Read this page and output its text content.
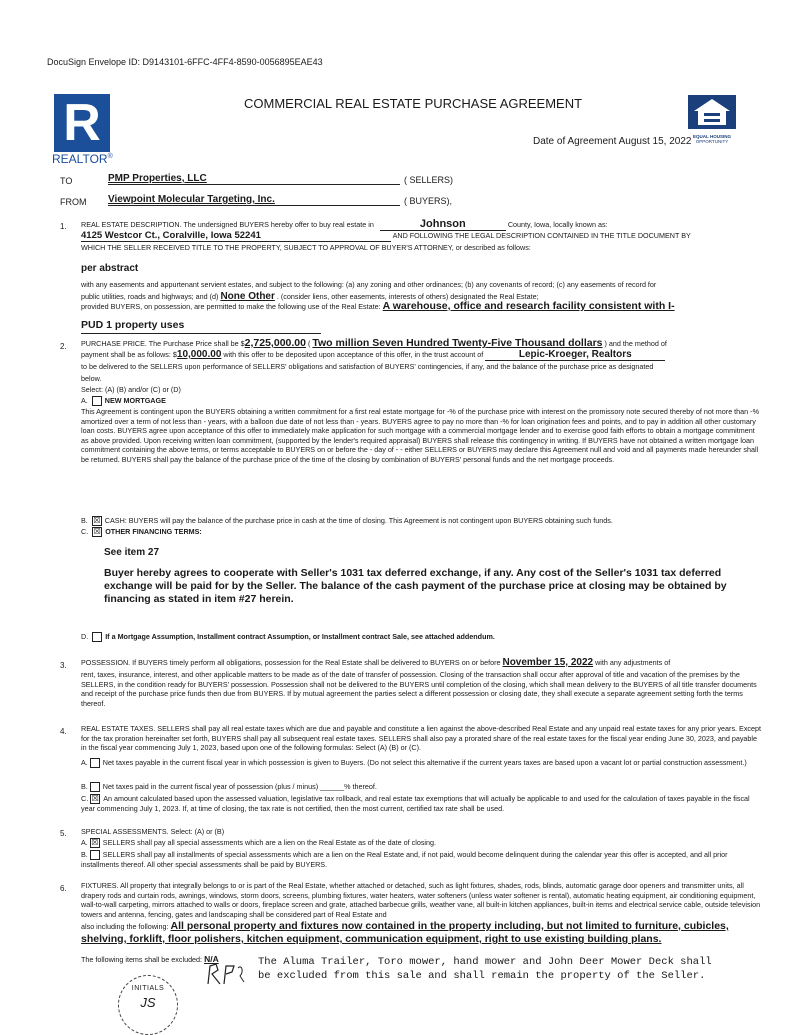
DocuSign Envelope ID: D9143101-6FFC-4FF4-8590-0056895EAE43
R
REALTOR®
COMMERCIAL REAL ESTATE PURCHASE AGREEMENT
EQUAL HOUSING
OPPORTUNITY
Date of Agreement August 15, 2022
TO	PMP Properties, LLC	( SELLERS)
FROM Viewpoint Molecular Targeting, Inc.	( BUYERS),
1. REAL ESTATE DESCRIPTION. The undersigned BUYERS hereby offer to buy real estate in	Johnson	County, Iowa, locally known as:
4125 Westcor Ct., Coralville, Iowa 52241	AND FOLLOWING THE LEGAL DESCRIPTION CONTAINED IN THE TITLE DOCUMENT BY
WHICH THE SELLER RECEIVED TITLE TO THE PROPERTY, SUBJECT TO APPROVAL OF BUYER'S ATTORNEY, or described as follows:
per abstract
with any easements and appurtenant servient estates, and subject to the following: (a) any zoning and other ordinances; (b) any covenants of record; (c) any easements of record for
public utilities, roads and highways; and (d) None Other . (consider liens, other easements, interests of others) designated the Real Estate;
provided BUYERS, on possession, are permitted to make the following use of the Real Estate: A warehouse, office and research facility consistent with I-
PUD 1 property uses
2. PURCHASE PRICE. The Purchase Price shall be $2,725,000.00 ( Two million Seven Hundred Twenty-Five Thousand dollars ) and the method of
payment shall be as follows: $10,000.00 with this offer to be deposited upon acceptance of this offer, in the trust account of	Lepic-Kroeger, Realtors
to be delivered to the SELLERS upon performance of SELLERS' obligations and satisfaction of BUYERS' contingencies, if any, and the balance of the purchase price as designated
below.
Select: (A) (B) and/or (C) or (D)
A. NEW MORTGAGE
This Agreement is contingent upon the BUYERS obtaining a written commitment for a first real estate mortgage for -% of the purchase price with interest on the promissory note secured thereby of not more than -% amortized over a term of not less than - years, with a balloon due date of not less than - years. BUYERS agree to pay no more than -% for loan origination fees and points, and to pay in addition all other customary loan costs. BUYERS agree upon acceptance of this offer to immediately make application for such mortgage with a commercial mortgage lender and to exercise good faith efforts to obtain a mortgage commitment as above provided. Upon receiving written loan commitment, (supported by the lender's required appraisal) BUYERS shall release this contingency in writing. If BUYERS have not obtained a written mortgage loan commitment containing the above terms, or terms acceptable to BUYERS on or before the - day of - - either SELLERS or BUYERS may declare this Agreement null and void and all payments made hereunder shall be returned. BUYERS shall pay the balance of the purchase price of the time of the closing by combination of BUYERS' personal funds and the net mortgage proceeds.
B. ☒ CASH: BUYERS will pay the balance of the purchase price in cash at the time of closing. This Agreement is not contingent upon BUYERS obtaining such funds.
C. ☒ OTHER FINANCING TERMS:
See item 27
Buyer hereby agrees to cooperate with Seller's 1031 tax deferred exchange, if any. Any cost of the Seller's 1031 tax deferred exchange will be paid for by the Seller. The balance of the cash payment of the purchase price at closing may be obtained by financing as stated in item #27 herein.
D. If a Mortgage Assumption, Installment contract Assumption, or Installment contract Sale, see attached addendum.
3. POSSESSION. If BUYERS timely perform all obligations, possession for the Real Estate shall be delivered to BUYERS on or before November 15, 2022 with any adjustments of
rent, taxes, insurance, interest, and other applicable matters to be made as of the date of transfer of possession. Closing of the transaction shall occur after approval of title and vacation of the premises by the SELLERS, in the condition ready for BUYERS' possession. Possession shall not be delivered to the BUYERS until completion of the closing, which shall mean delivery to the BUYERS of all title transfer documents and receipt of the purchase price funds then due from BUYERS. If by mutual agreement the parties select a different possession or closing date, they shall execute a separate agreement setting forth the terms thereof.
4. REAL ESTATE TAXES. SELLERS shall pay all real estate taxes which are due and payable and constitute a lien against the above-described Real Estate and any unpaid real estate taxes for any prior years. Except for the tax proration hereinafter set forth, BUYERS shall pay all subsequent real estate taxes. SELLERS shall also pay a prorated share of the real estate taxes for the fiscal year ending June 30, 2023, and payable in the fiscal year commencing July 1, 2023, based upon one of the following formulas: Select (A) (B) or (C).
A. Net taxes payable in the current fiscal year in which possession is given to Buyers. (Do not select this alternative if the current years taxes are based upon a vacant lot or partial construction assessment.)
B. Net taxes paid in the current fiscal year of possession (plus / minus) ______% thereof.
C. ☒ An amount calculated based upon the assessed valuation, legislative tax rollback, and real estate tax exemptions that will actually be applicable to and used for the calculation of taxes payable in the fiscal year commencing July 1, 2023. If, at time of closing, the tax rate is not certified, then the most current, certified tax rate shall be used.
5. SPECIAL ASSESSMENTS. Select: (A) or (B)
A. ☒ SELLERS shall pay all special assessments which are a lien on the Real Estate as of the date of closing.
B. SELLERS shall pay all installments of special assessments which are a lien on the Real Estate and, if not paid, would become delinquent during the calendar year this offer is accepted, and all prior installments thereof. All other special assessments shall be paid by BUYERS.
6. FIXTURES. All property that integrally belongs to or is part of the Real Estate, whether attached or detached, such as light fixtures, shades, rods, blinds, automatic garage door openers and transmitter units, all drapery rods and curtain rods, awnings, windows, storm doors, screens, plumbing fixtures, water heaters, water softeners (unless water softener is rental), automatic heating equipment, air conditioning equipment, wall-to-wall carpeting, mirrors attached to walls or doors, fireplace screen and grate, attached barbecue grills, weather vane, all built-in kitchen appliances, built-in items and electrical service cable, outside television towers and antenna, fencing, gates and landscaping shall be considered part of Real Estate and
also including the following: All personal property and fixtures now contained in the property including, but not limited to furniture, cubicles, shelving, forklift, floor polishers, kitchen equipment, communication equipment, right to use existing building plans.
The following items shall be excluded: N/A	The Aluma Trailer, Toro mower, hand mower and John Deer Mower Deck shall
be excluded from this sale and shall remain the property of the Seller.
INITIALS
JS
